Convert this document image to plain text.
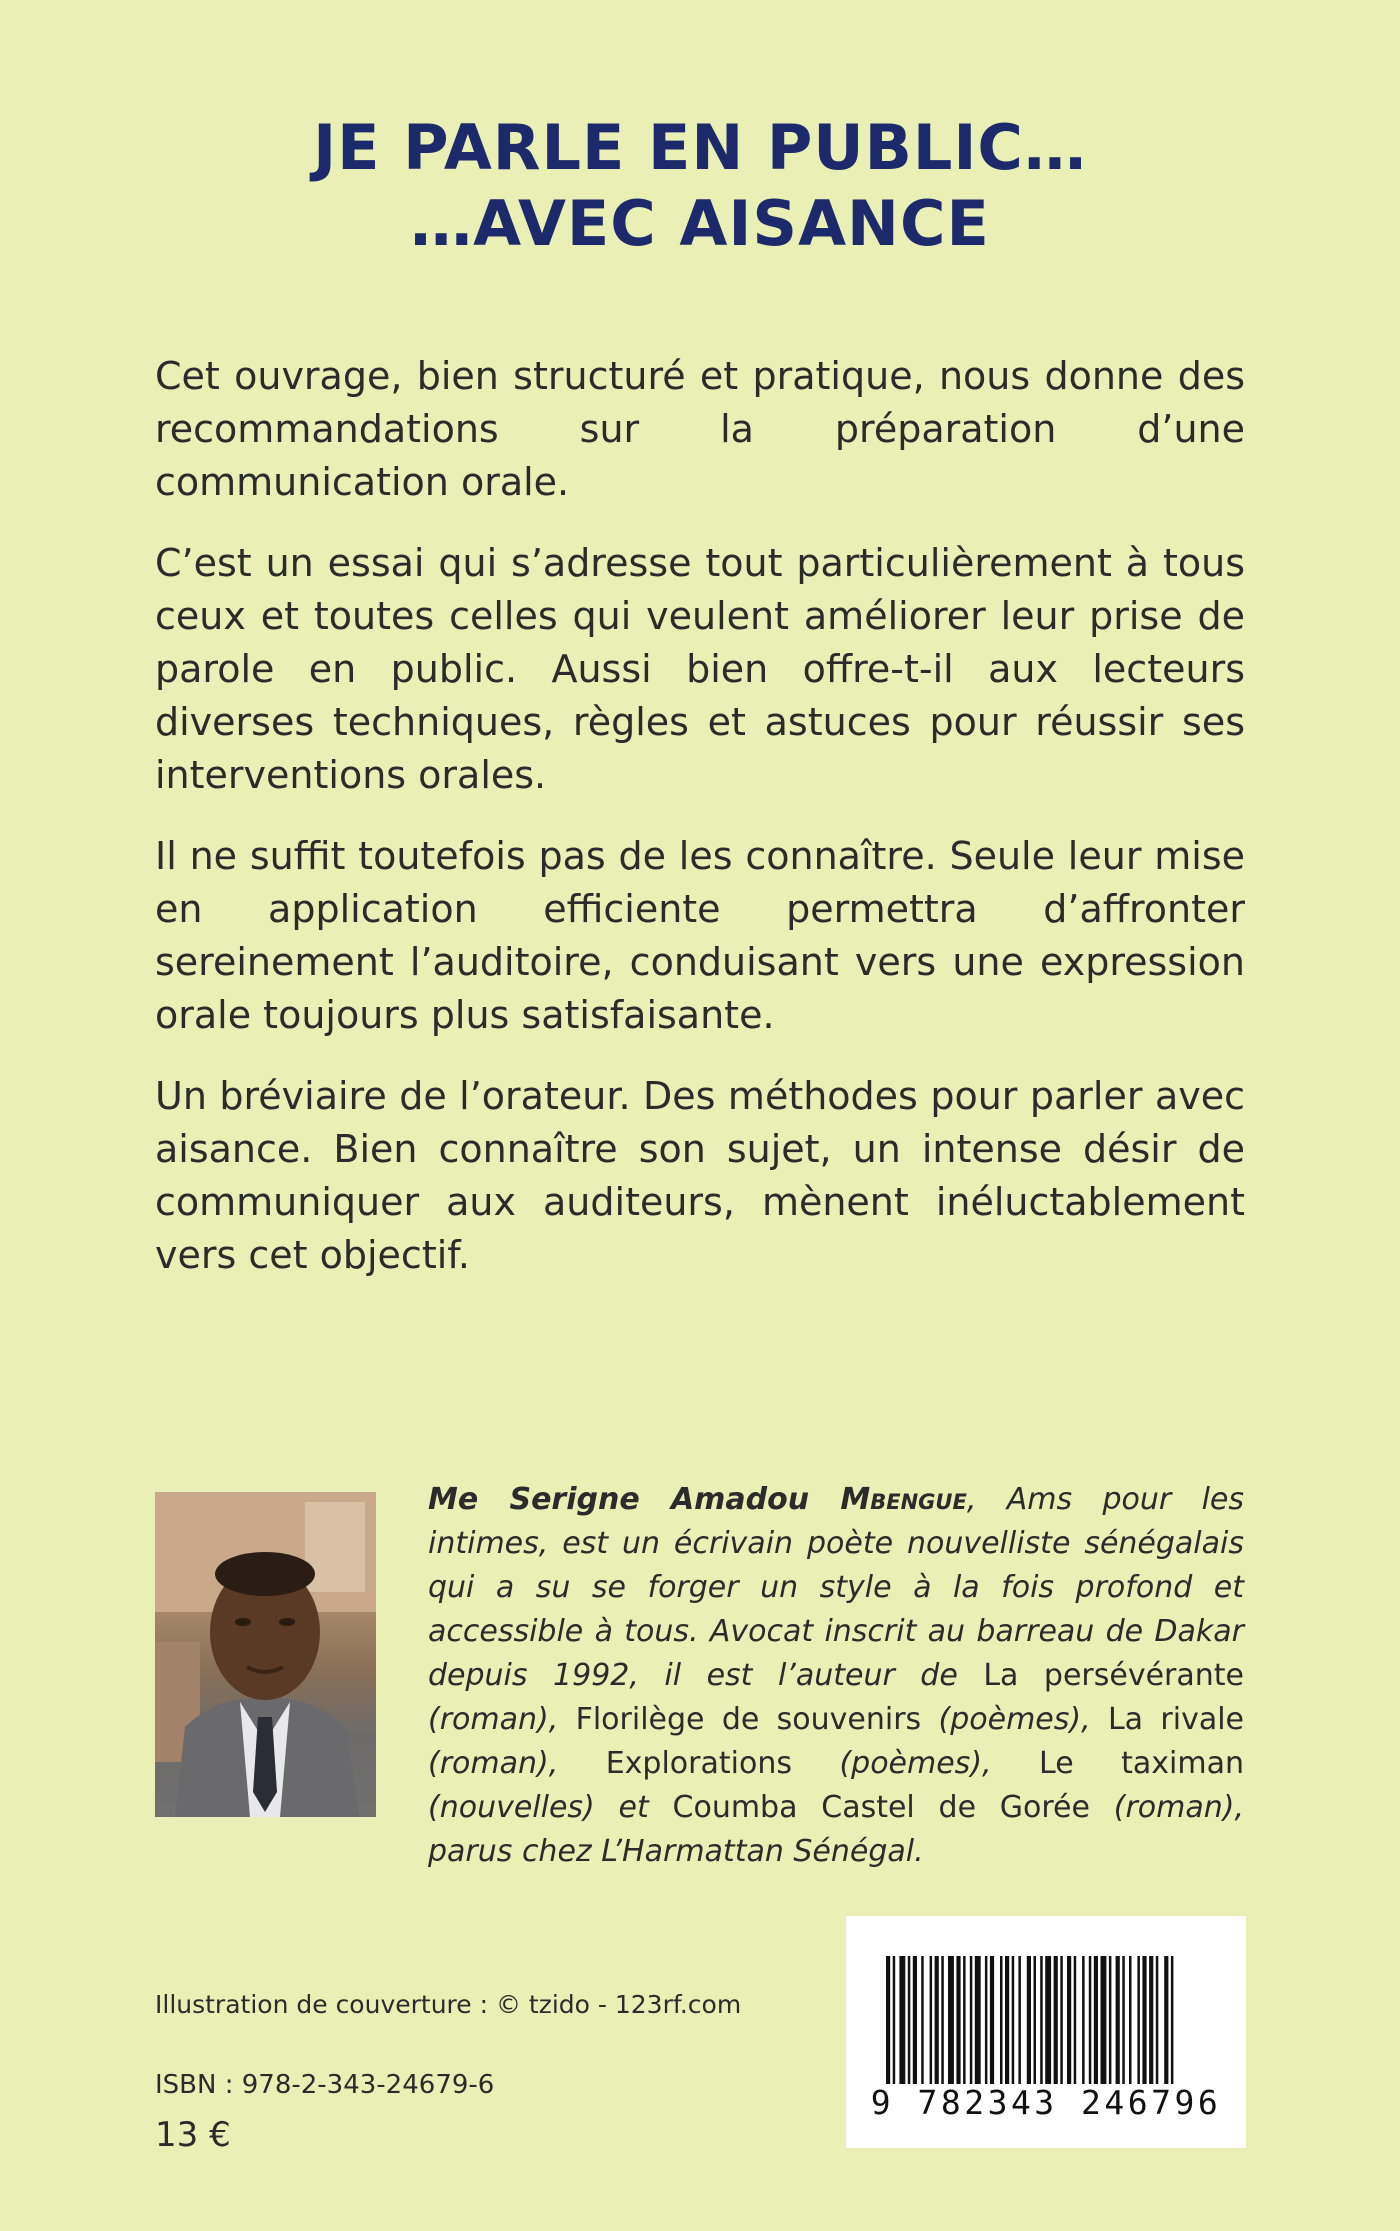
JE PARLE EN PUBLIC…
…AVEC AISANCE

Cet ouvrage, bien structuré et pratique, nous donne des recommandations sur la préparation d’une communication orale.

C’est un essai qui s’adresse tout particulièrement à tous ceux et toutes celles qui veulent améliorer leur prise de parole en public. Aussi bien offre-t-il aux lecteurs diverses techniques, règles et astuces pour réussir ses interventions orales.

Il ne suffit toutefois pas de les connaître. Seule leur mise en application efficiente permettra d’affronter sereinement l’auditoire, conduisant vers une expression orale toujours plus satisfaisante.

Un bréviaire de l’orateur. Des méthodes pour parler avec aisance. Bien connaître son sujet, un intense désir de communiquer aux auditeurs, mènent inéluctablement vers cet objectif.

Me Serigne Amadou Mbengue, Ams pour les intimes, est un écrivain poète nouvelliste sénégalais qui a su se forger un style à la fois profond et accessible à tous. Avocat inscrit au barreau de Dakar depuis 1992, il est l’auteur de La persévérante (roman), Florilège de souvenirs (poèmes), La rivale (roman), Explorations (poèmes), Le taximan (nouvelles) et Coumba Castel de Gorée (roman), parus chez L’Harmattan Sénégal.
Illustration de couverture : © tzido - 123rf.com
ISBN : 978-2-343-24679-6
13 €
9 782343 246796
